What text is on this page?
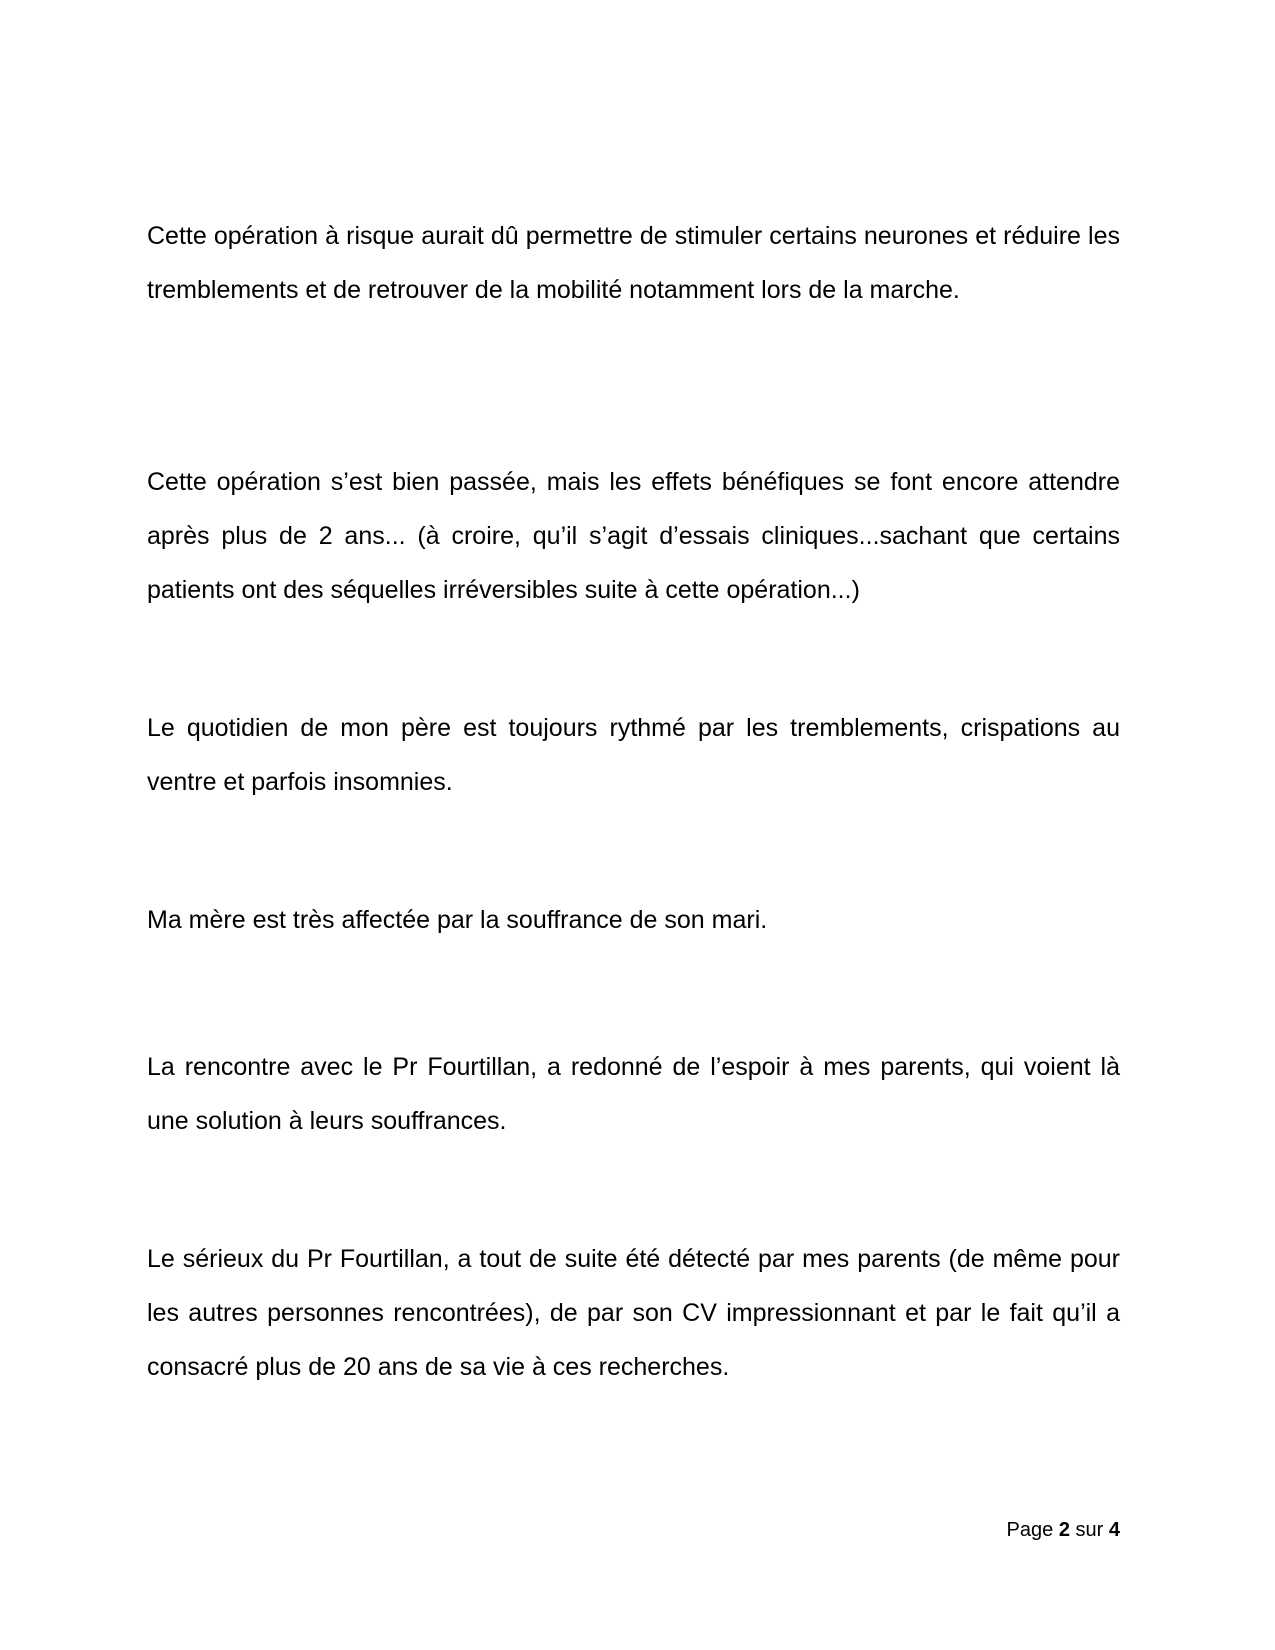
Cette opération à risque aurait dû permettre de stimuler certains neurones et réduire les tremblements et de retrouver de la mobilité notamment lors de la marche.

Cette opération s’est bien passée, mais les effets bénéfiques se font encore attendre après plus de 2 ans... (à croire, qu’il s’agit d’essais cliniques...sachant que certains patients ont des séquelles irréversibles suite à cette opération...)

Le quotidien de mon père est toujours rythmé par les tremblements, crispations au ventre et parfois insomnies.

Ma mère est très affectée par la souffrance de son mari.

La rencontre avec le Pr Fourtillan, a redonné de l’espoir à mes parents, qui voient là une solution à leurs souffrances.

Le sérieux du Pr Fourtillan, a tout de suite été détecté par mes parents (de même pour les autres personnes rencontrées), de par son CV impressionnant et par le fait qu’il a consacré plus de 20 ans de sa vie à ces recherches.

Page 2 sur 4
